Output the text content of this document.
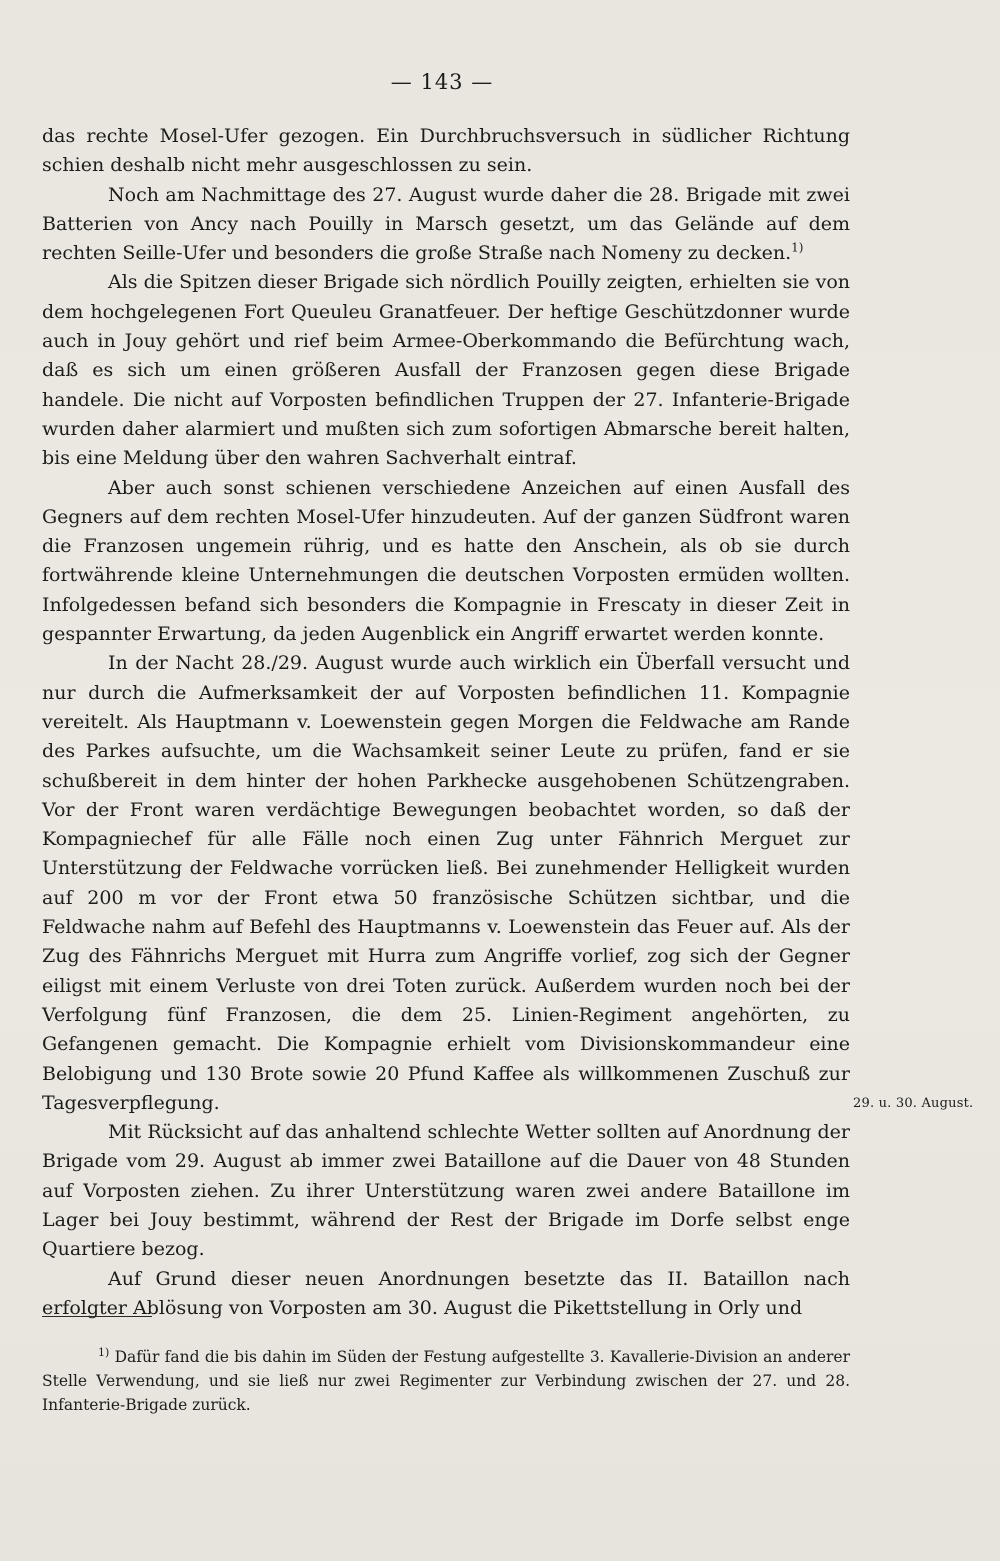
— 143 —

das rechte Mosel-Ufer gezogen. Ein Durchbruchsversuch in südlicher Richtung schien deshalb nicht mehr ausgeschlossen zu sein.

Noch am Nachmittage des 27. August wurde daher die 28. Brigade mit zwei Batterien von Ancy nach Pouilly in Marsch gesetzt, um das Gelände auf dem rechten Seille-Ufer und besonders die große Straße nach Nomeny zu decken.$^{1)}$

Als die Spitzen dieser Brigade sich nördlich Pouilly zeigten, erhielten sie von dem hochgelegenen Fort Queuleu Granatfeuer. Der heftige Geschützdonner wurde auch in Jouy gehört und rief beim Armee-Oberkommando die Befürchtung wach, daß es sich um einen größeren Ausfall der Franzosen gegen diese Brigade handele. Die nicht auf Vorposten befindlichen Truppen der 27. Infanterie-Brigade wurden daher alarmiert und mußten sich zum sofortigen Abmarsche bereit halten, bis eine Meldung über den wahren Sachverhalt eintraf.

Aber auch sonst schienen verschiedene Anzeichen auf einen Ausfall des Gegners auf dem rechten Mosel-Ufer hinzudeuten. Auf der ganzen Südfront waren die Franzosen ungemein rührig, und es hatte den Anschein, als ob sie durch fortwährende kleine Unternehmungen die deutschen Vorposten ermüden wollten. Infolgedessen befand sich besonders die Kompagnie in Frescaty in dieser Zeit in gespannter Erwartung, da jeden Augenblick ein Angriff erwartet werden konnte.

In der Nacht 28./29. August wurde auch wirklich ein Überfall versucht und nur durch die Aufmerksamkeit der auf Vorposten befindlichen 11. Kompagnie vereitelt. Als Hauptmann v. Loewenstein gegen Morgen die Feldwache am Rande des Parkes aufsuchte, um die Wachsamkeit seiner Leute zu prüfen, fand er sie schußbereit in dem hinter der hohen Parkhecke ausgehobenen Schützengraben. Vor der Front waren verdächtige Bewegungen beobachtet worden, so daß der Kompagniechef für alle Fälle noch einen Zug unter Fähnrich Merguet zur Unterstützung der Feldwache vorrücken ließ. Bei zunehmender Helligkeit wurden auf 200 m vor der Front etwa 50 französische Schützen sichtbar, und die Feldwache nahm auf Befehl des Hauptmanns v. Loewenstein das Feuer auf. Als der Zug des Fähnrichs Merguet mit Hurra zum Angriffe vorlief, zog sich der Gegner eiligst mit einem Verluste von drei Toten zurück. Außerdem wurden noch bei der Verfolgung fünf Franzosen, die dem 25. Linien-Regiment angehörten, zu Gefangenen gemacht. Die Kompagnie erhielt vom Divisionskommandeur eine Belobigung und 130 Brote sowie 20 Pfund Kaffee als willkommenen Zuschuß zur Tagesverpflegung.

Mit Rücksicht auf das anhaltend schlechte Wetter sollten auf Anordnung der Brigade vom 29. August ab immer zwei Bataillone auf die Dauer von 48 Stunden auf Vorposten ziehen. Zu ihrer Unterstützung waren zwei andere Bataillone im Lager bei Jouy bestimmt, während der Rest der Brigade im Dorfe selbst enge Quartiere bezog.

Auf Grund dieser neuen Anordnungen besetzte das II. Bataillon nach erfolgter Ablösung von Vorposten am 30. August die Pikettstellung in Orly und

29. u. 30. August.

$^{1)}$ Dafür fand die bis dahin im Süden der Festung aufgestellte 3. Kavallerie-Division an anderer Stelle Verwendung, und sie ließ nur zwei Regimenter zur Verbindung zwischen der 27. und 28. Infanterie-Brigade zurück.
